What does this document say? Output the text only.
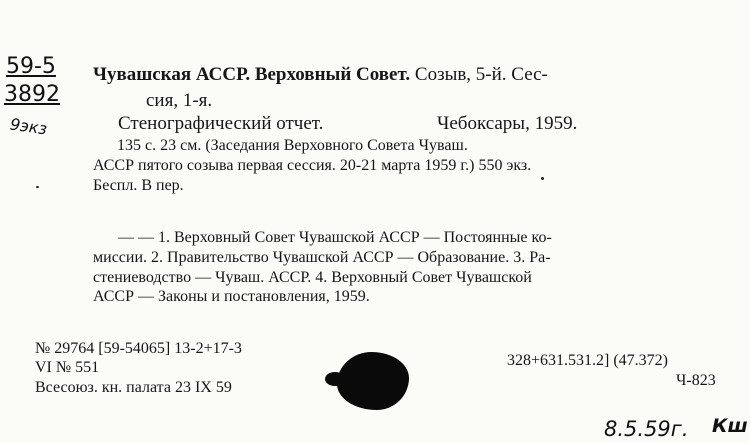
59-5
3892
9экз
Чувашская АССР. Верховный Совет. Созыв, 5-й. Сес-
сия, 1-я.
Стенографический отчет.	Чебоксары, 1959.
135 с. 23 см. (Заседания Верховного Совета Чуваш.
АССР пятого созыва первая сессия. 20-21 марта 1959 г.) 550 экз.
Беспл. В пер.
— — 1. Верховный Совет Чувашской АССР — Постоянные ко-
миссии. 2. Правительство Чувашской АССР — Образование. 3. Ра-
стениеводство — Чуваш. АССР. 4. Верховный Совет Чувашской
АССР — Законы и постановления, 1959.
№ 29764 [59-54065] 13-2+17-3
VI № 551
Всесоюз. кн. палата 23 IX 59
328+631.531.2] (47.372)
Ч-823
8.5.59г. Кш
